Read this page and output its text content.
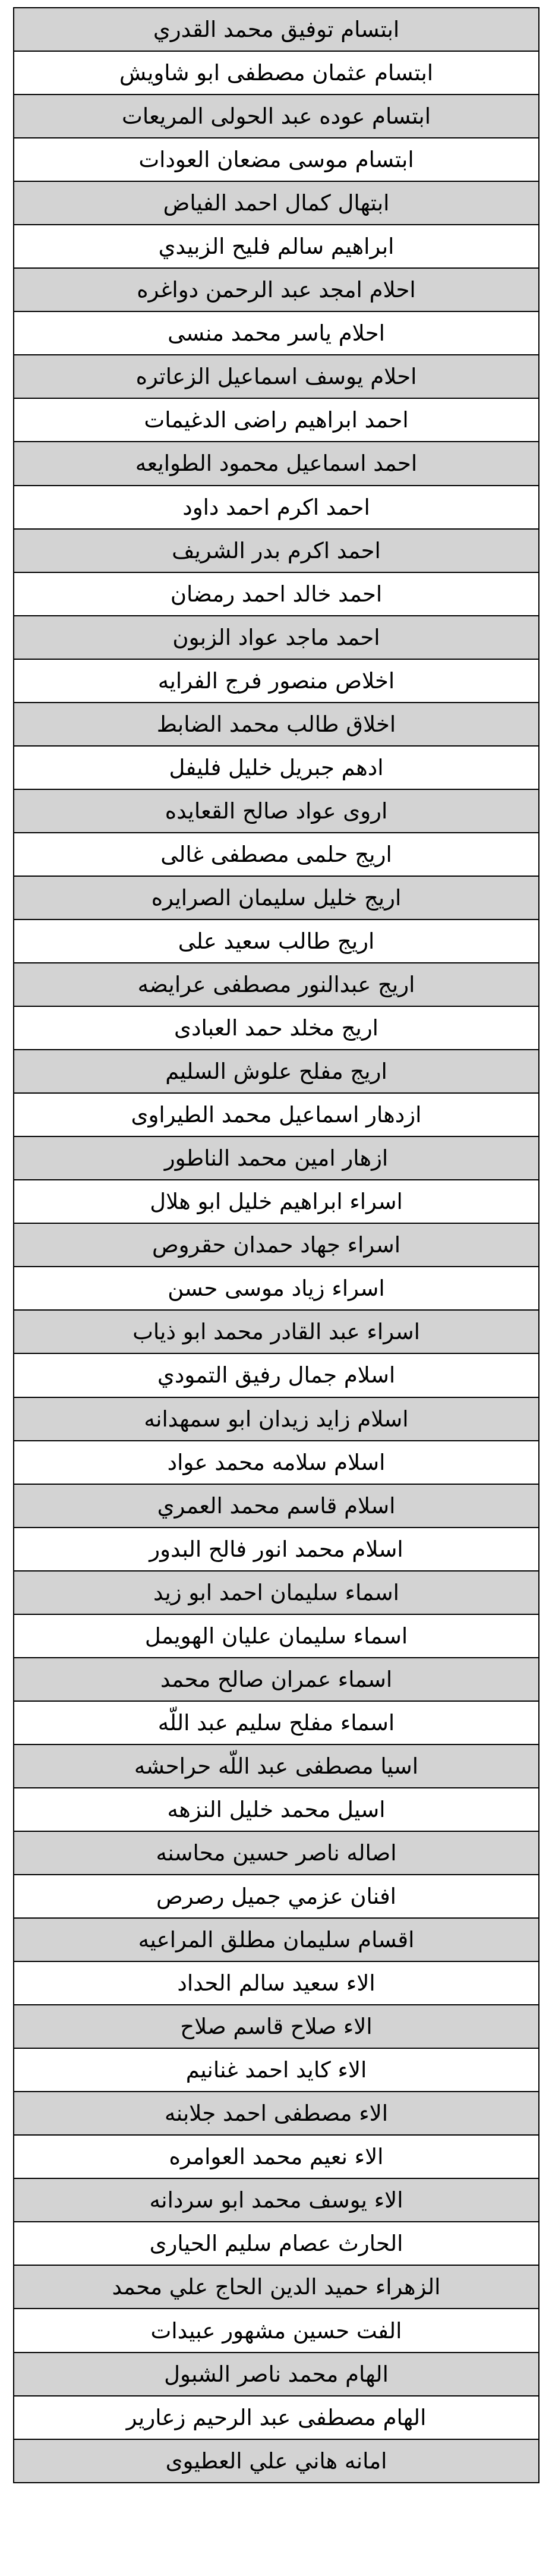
ابتسام توفيق محمد القدري
ابتسام عثمان مصطفى ابو شاويش
ابتسام عوده عبد الحولى المريعات
ابتسام موسى مضعان العودات
ابتهال كمال احمد الفياض
ابراهيم سالم فليح الزبيدي
احلام امجد عبد الرحمن دواغره
احلام ياسر محمد منسى
احلام يوسف اسماعيل الزعاتره
احمد ابراهيم راضى الدغيمات
احمد اسماعيل محمود الطوايعه
احمد اكرم احمد داود
احمد اكرم بدر الشريف
احمد خالد احمد رمضان
احمد ماجد عواد الزبون
اخلاص منصور فرج الفرايه
اخلاق طالب محمد الضابط
ادهم جبريل خليل فليفل
اروى عواد صالح القعايده
اريج حلمى مصطفى غالى
اريج خليل سليمان الصرايره
اريج طالب سعيد على
اريج عبدالنور مصطفى عرايضه
اريج مخلد حمد العبادى
اريج مفلح علوش السليم
ازدهار اسماعيل محمد الطيراوى
ازهار امين محمد الناطور
اسراء ابراهيم خليل ابو هلال
اسراء جهاد حمدان حقروص
اسراء زياد موسى حسن
اسراء عبد القادر محمد ابو ذياب
اسلام جمال رفيق التمودي
اسلام زايد زيدان ابو سمهدانه
اسلام سلامه محمد عواد
اسلام قاسم محمد العمري
اسلام محمد انور فالح البدور
اسماء سليمان احمد ابو زيد
اسماء سليمان عليان الهويمل
اسماء عمران صالح محمد
اسماء مفلح سليم عبد اللّه
اسيا مصطفى عبد اللّه حراحشه
اسيل محمد خليل النزهه
اصاله ناصر حسين محاسنه
افنان عزمي جميل رصرص
اقسام سليمان مطلق المراعيه
الاء سعيد سالم الحداد
الاء صلاح قاسم صلاح
الاء كايد احمد غنانيم
الاء مصطفى احمد جلابنه
الاء نعيم محمد العوامره
الاء يوسف محمد ابو سردانه
الحارث عصام سليم الحيارى
الزهراء حميد الدين الحاج علي محمد
الفت حسين مشهور عبيدات
الهام محمد ناصر الشبول
الهام مصطفى عبد الرحيم زعارير
امانه هاني علي العطيوى
